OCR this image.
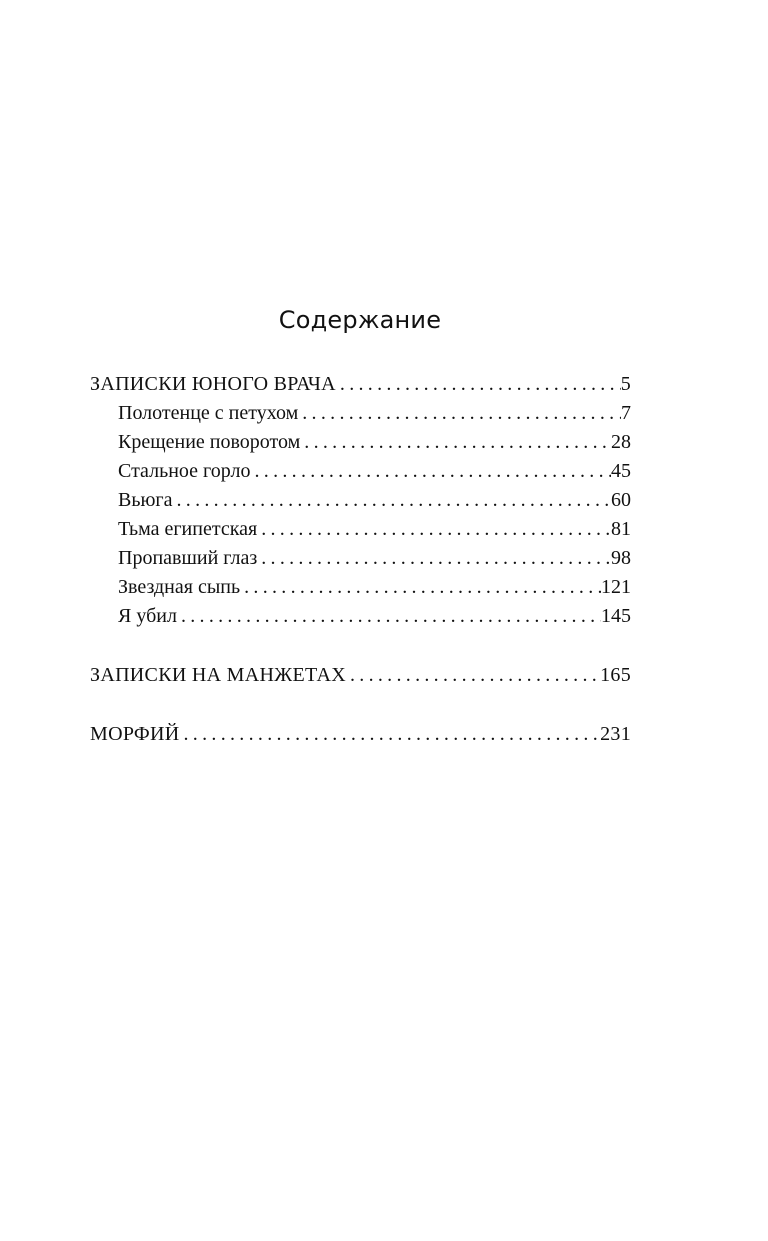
Содержание
ЗАПИСКИ ЮНОГО ВРАЧА .....	5
Полотенце с петухом .....	7
Крещение поворотом .....	28
Стальное горло .....	45
Вьюга .....	60
Тьма египетская .....	81
Пропавший глаз .....	98
Звездная сыпь .....	121
Я убил .....	145
ЗАПИСКИ НА МАНЖЕТАХ .....	165
МОРФИЙ .....	231
